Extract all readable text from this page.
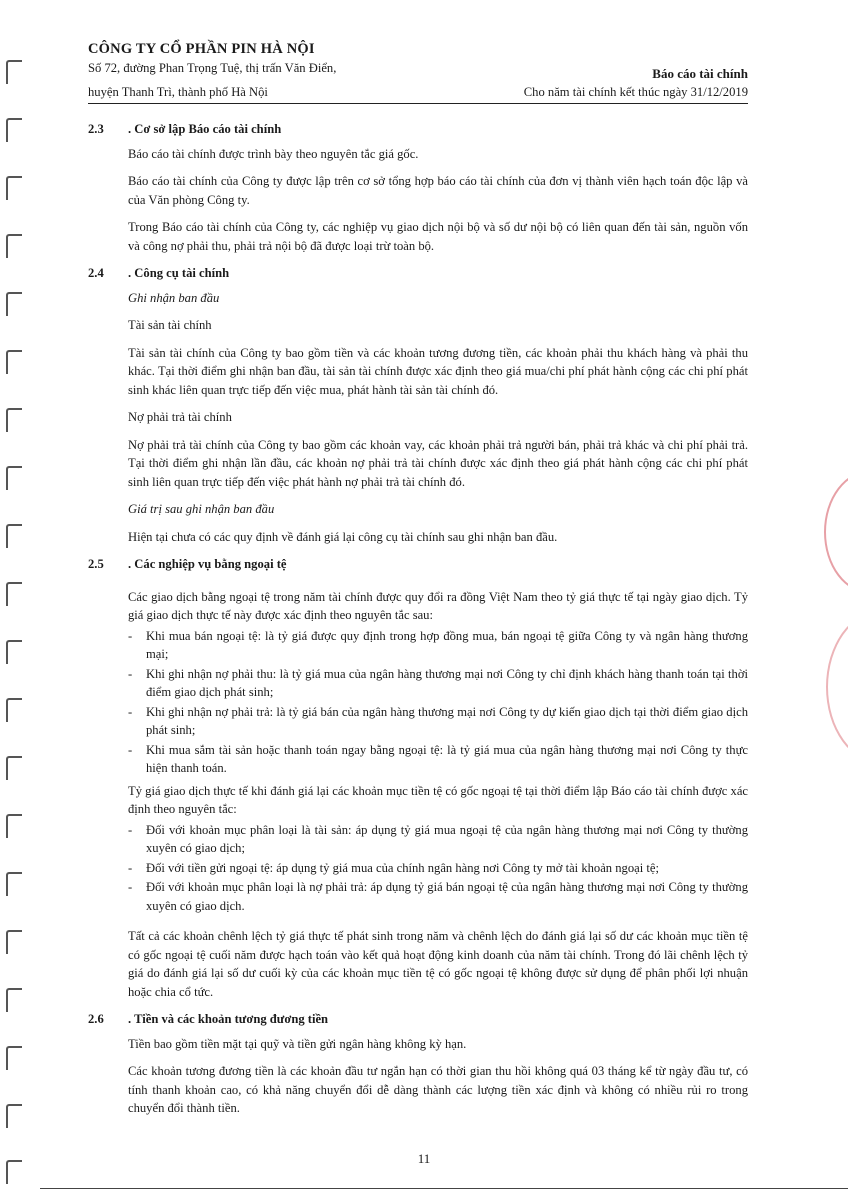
CÔNG TY CỔ PHẦN PIN HÀ NỘI
Số 72, đường Phan Trọng Tuệ, thị trấn Văn Điển,	Báo cáo tài chính
huyện Thanh Trì, thành phố Hà Nội	Cho năm tài chính kết thúc ngày 31/12/2019
2.3	. Cơ sở lập Báo cáo tài chính

Báo cáo tài chính được trình bày theo nguyên tắc giá gốc.

Báo cáo tài chính của Công ty được lập trên cơ sở tổng hợp báo cáo tài chính của đơn vị thành viên hạch toán độc lập và của Văn phòng Công ty.

Trong Báo cáo tài chính của Công ty, các nghiệp vụ giao dịch nội bộ và số dư nội bộ có liên quan đến tài sản, nguồn vốn và công nợ phải thu, phải trả nội bộ đã được loại trừ toàn bộ.

2.4	. Công cụ tài chính

Ghi nhận ban đầu

Tài sản tài chính

Tài sản tài chính của Công ty bao gồm tiền và các khoản tương đương tiền, các khoản phải thu khách hàng và phải thu khác. Tại thời điểm ghi nhận ban đầu, tài sản tài chính được xác định theo giá mua/chi phí phát hành cộng các chi phí phát sinh khác liên quan trực tiếp đến việc mua, phát hành tài sản tài chính đó.

Nợ phải trả tài chính

Nợ phải trả tài chính của Công ty bao gồm các khoản vay, các khoản phải trả người bán, phải trả khác và chi phí phải trả. Tại thời điểm ghi nhận lần đầu, các khoản nợ phải trả tài chính được xác định theo giá phát hành cộng các chi phí phát sinh liên quan trực tiếp đến việc phát hành nợ phải trả tài chính đó.

Giá trị sau ghi nhận ban đầu

Hiện tại chưa có các quy định về đánh giá lại công cụ tài chính sau ghi nhận ban đầu.

2.5	. Các nghiệp vụ bằng ngoại tệ

Các giao dịch bằng ngoại tệ trong năm tài chính được quy đổi ra đồng Việt Nam theo tỷ giá thực tế tại ngày giao dịch. Tỷ giá giao dịch thực tế này được xác định theo nguyên tắc sau:

- Khi mua bán ngoại tệ: là tỷ giá được quy định trong hợp đồng mua, bán ngoại tệ giữa Công ty và ngân hàng thương mại;
- Khi ghi nhận nợ phải thu: là tỷ giá mua của ngân hàng thương mại nơi Công ty chỉ định khách hàng thanh toán tại thời điểm giao dịch phát sinh;
- Khi ghi nhận nợ phải trả: là tỷ giá bán của ngân hàng thương mại nơi Công ty dự kiến giao dịch tại thời điểm giao dịch phát sinh;
- Khi mua sắm tài sản hoặc thanh toán ngay bằng ngoại tệ: là tỷ giá mua của ngân hàng thương mại nơi Công ty thực hiện thanh toán.

Tỷ giá giao dịch thực tế khi đánh giá lại các khoản mục tiền tệ có gốc ngoại tệ tại thời điểm lập Báo cáo tài chính được xác định theo nguyên tắc:

- Đối với khoản mục phân loại là tài sản: áp dụng tỷ giá mua ngoại tệ của ngân hàng thương mại nơi Công ty thường xuyên có giao dịch;
- Đối với tiền gửi ngoại tệ: áp dụng tỷ giá mua của chính ngân hàng nơi Công ty mở tài khoản ngoại tệ;
- Đối với khoản mục phân loại là nợ phải trả: áp dụng tỷ giá bán ngoại tệ của ngân hàng thương mại nơi Công ty thường xuyên có giao dịch.

Tất cả các khoản chênh lệch tỷ giá thực tế phát sinh trong năm và chênh lệch do đánh giá lại số dư các khoản mục tiền tệ có gốc ngoại tệ cuối năm được hạch toán vào kết quả hoạt động kinh doanh của năm tài chính. Trong đó lãi chênh lệch tỷ giá do đánh giá lại số dư cuối kỳ của các khoản mục tiền tệ có gốc ngoại tệ không được sử dụng để phân phối lợi nhuận hoặc chia cổ tức.

2.6	. Tiền và các khoản tương đương tiền

Tiền bao gồm tiền mặt tại quỹ và tiền gửi ngân hàng không kỳ hạn.

Các khoản tương đương tiền là các khoản đầu tư ngắn hạn có thời gian thu hồi không quá 03 tháng kể từ ngày đầu tư, có tính thanh khoản cao, có khả năng chuyển đổi dễ dàng thành các lượng tiền xác định và không có nhiều rủi ro trong chuyển đổi thành tiền.

11
